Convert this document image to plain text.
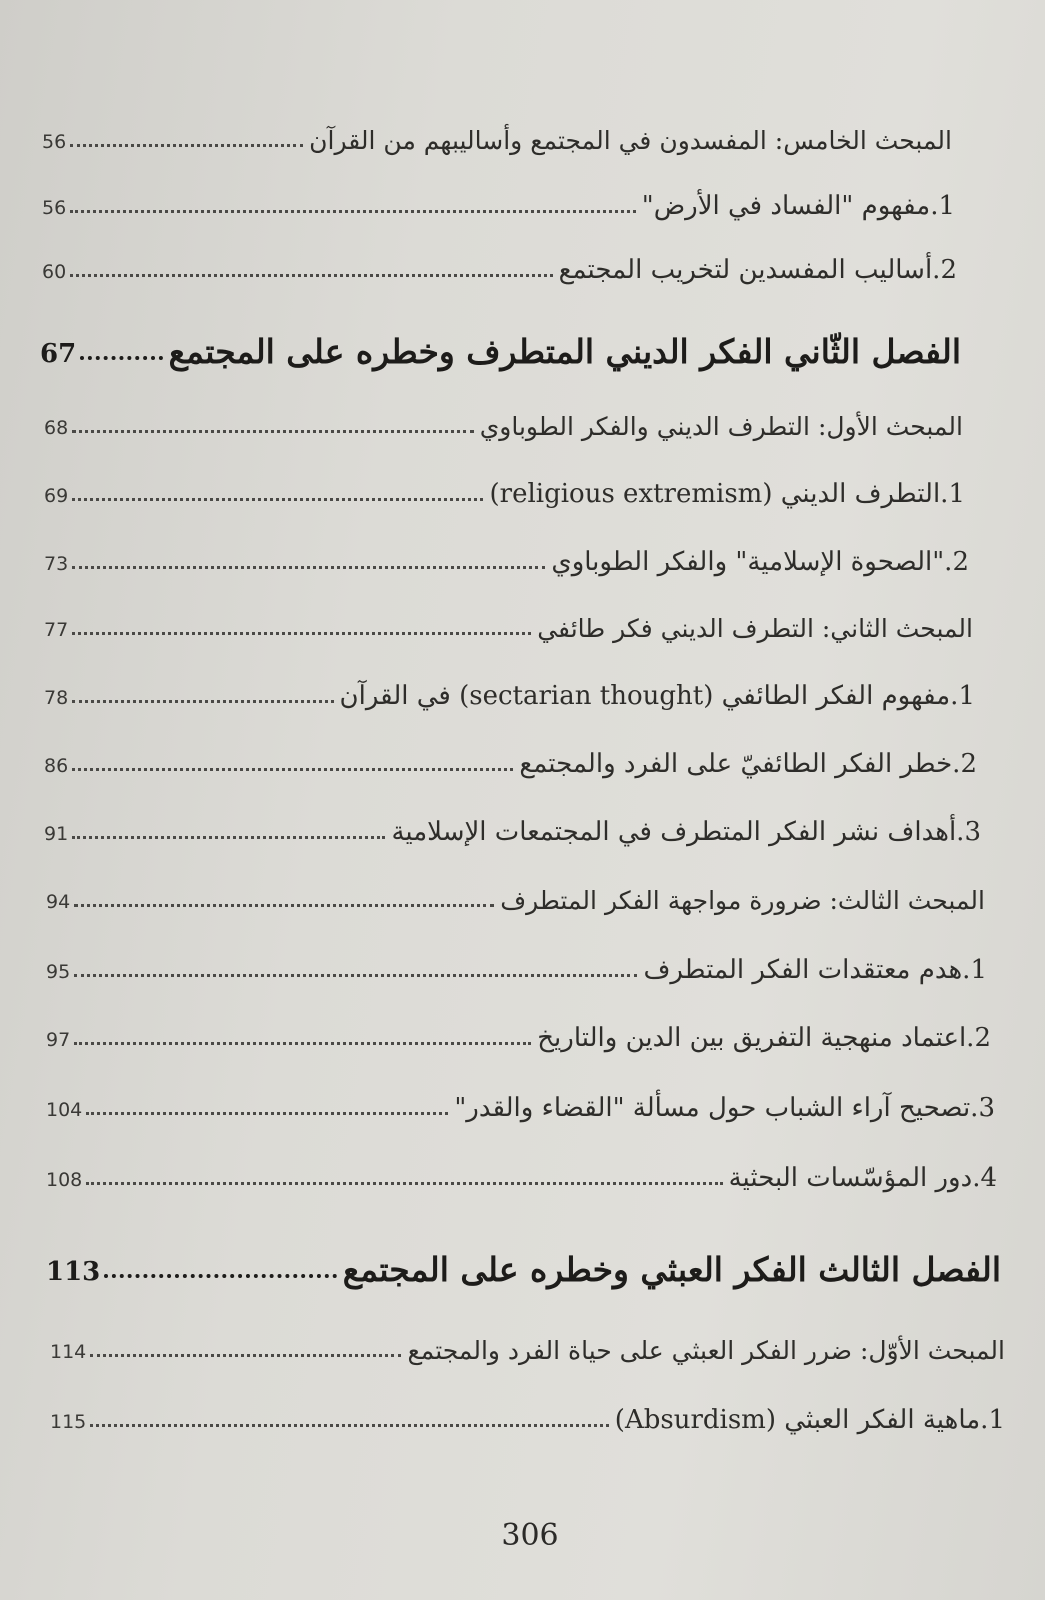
56	المبحث الخامس: المفسدون في المجتمع وأساليبهم من القرآن
56	1.مفهوم "الفساد في الأرض"
60	2.أساليب المفسدين لتخريب المجتمع
67	الفصل الثّاني الفكر الديني المتطرف وخطره على المجتمع
68	المبحث الأول: التطرف الديني والفكر الطوباوي
69	1.التطرف الديني (religious extremism)
73	2."الصحوة الإسلامية" والفكر الطوباوي
77	المبحث الثاني: التطرف الديني فكر طائفي
78	1.مفهوم الفكر الطائفي (sectarian thought) في القرآن
86	2.خطر الفكر الطائفيّ على الفرد والمجتمع
91	3.أهداف نشر الفكر المتطرف في المجتمعات الإسلامية
94	المبحث الثالث: ضرورة مواجهة الفكر المتطرف
95	1.هدم معتقدات الفكر المتطرف
97	2.اعتماد منهجية التفريق بين الدين والتاريخ
104	3.تصحيح آراء الشباب حول مسألة "القضاء والقدر"
108	4.دور المؤسّسات البحثية
113	الفصل الثالث الفكر العبثي وخطره على المجتمع
114	المبحث الأوّل: ضرر الفكر العبثي على حياة الفرد والمجتمع
115	1.ماهية الفكر العبثي (Absurdism)
306
